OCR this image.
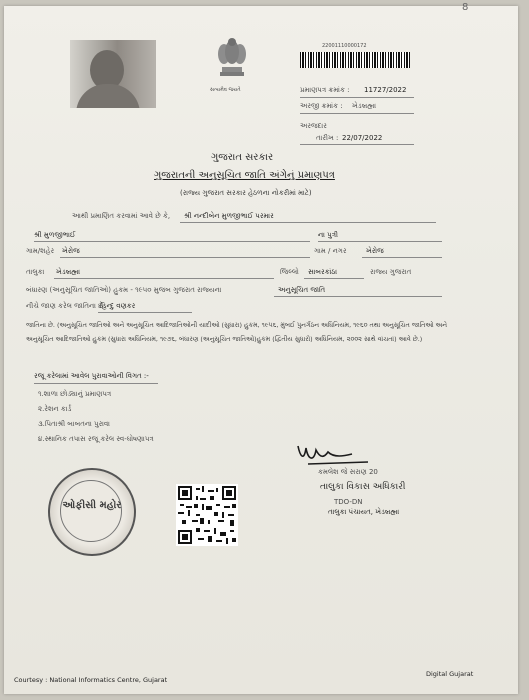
8
સત્યમેવ જયતે
22001110000172
પ્રમાણપત્ર ક્રમાંક : 11727/2022
અરજી ક્રમાંક : ખેડબ્રહ્મા
અરજદાર
તારીખ : 22/07/2022
ગુજરાત સરકાર
ગુજરાતની અનુસૂચિત જાતિ અંગેનું પ્રમાણપત્ર
(રાજ્ય ગુજરાત સરકાર હેઠળના નોકરીમાં માટે)
આથી પ્રમાણિત કરવામાં આવે છે કે, શ્રી નન્દીબેન મુળજીભાઈ પરમાર
શ્રી મુળજીભાઈ	ના પુત્રી
ગામ/શહેર ખેરોજ	ગામ / નગર	ખેરોજ
તાલુકા ખેડબ્રહ્મા	જિલ્લો સાબરકાંઠા	રાજ્ય ગુજરાત
બંધારણ (અનુસૂચિત જાતિઓ) હુકમ - ૧૯૫૦ મુજબ ગુજરાત રાજ્યના	અનુસૂચિત જાતિ
નીચે જાણ કરેલ જાતિના છે:
હિન્દુ વણકર
જાતિના છે. (અનુસૂચિત જાતિઓ અને અનુસૂચિત આદિજાતિઓની યાદીઓ (સુધારા) હુકમ, ૧૯૫૬, મુંબઈ પુનર્ગઠન અધિનિયમ, ૧૯૬૦ તથા અનુસૂચિત જાતિઓ અને અનુસૂચિત આદિજાતિઓ હુકમ (સુધારા અધિનિયમ, ૧૯૭૬, બંધારણ (અનુસૂચિત જાતિઓ)હુકમ (દ્વિતીય સુધારો) અધિનિયમ, ૨૦૦૨ સાથે વાંચતાં) આવે છે.)
રજૂ કરેલામાં આવેલ પુરાવાઓની વિગત :-
૧.શાળા છોડ્યાનું પ્રમાણપત્ર
૨.રેશન કાર્ડ
૩.પિતાશ્રી બાબતના પુરાવા
૪.સ્થાનિક તપાસ રજૂ કરેલ સ્વ-ઘોષણાપત્ર
કમલેશ જે સરાણ 20
તાલુકા વિકાસ અધિકારી
TDO-DN
તાલુકા પંચાયત, ખેડબ્રહ્મા
ઓફીસી મહોર
Courtesy : National Informatics Centre, Gujarat
Digital Gujarat
